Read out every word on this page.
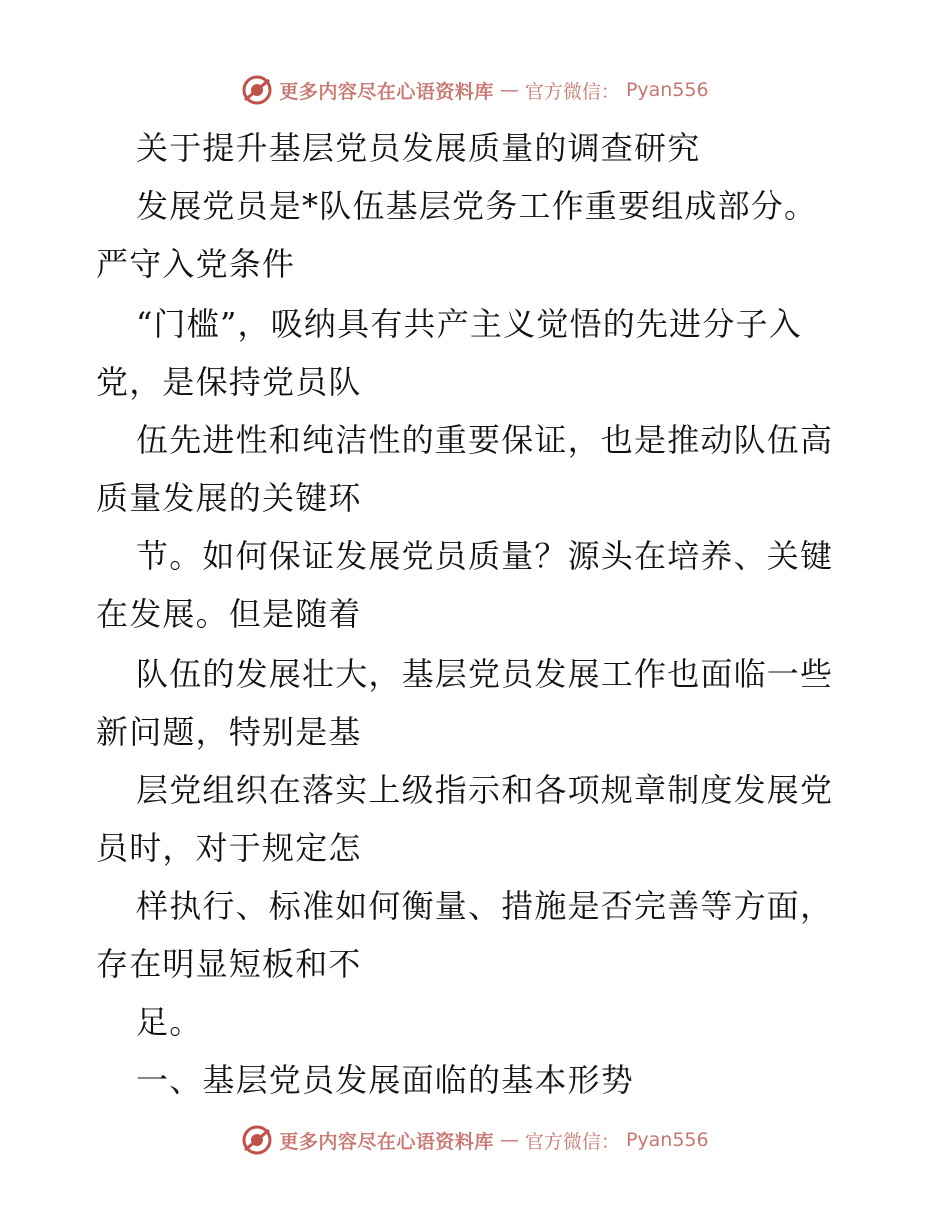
更多内容尽在心语资料库 — 官方微信： Pyan556
关于提升基层党员发展质量的调查研究
发展党员是*队伍基层党务工作重要组成部分。
严守入党条件
“门槛”，吸纳具有共产主义觉悟的先进分子入
党，是保持党员队
伍先进性和纯洁性的重要保证，也是推动队伍高
质量发展的关键环
节。如何保证发展党员质量？源头在培养、关键
在发展。但是随着
队伍的发展壮大，基层党员发展工作也面临一些
新问题，特别是基
层党组织在落实上级指示和各项规章制度发展党
员时，对于规定怎
样执行、标准如何衡量、措施是否完善等方面，
存在明显短板和不
足。
一、基层党员发展面临的基本形势
更多内容尽在心语资料库 — 官方微信： Pyan556
